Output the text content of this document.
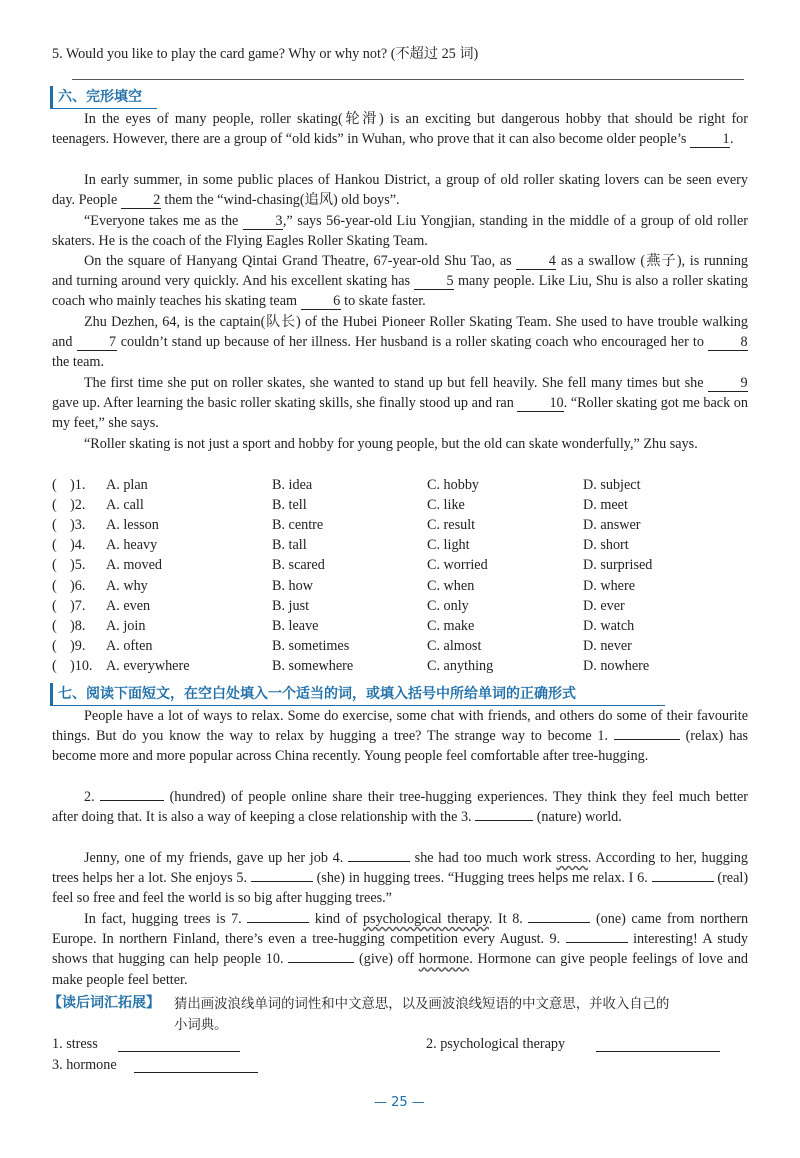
5. Would you like to play the card game? Why or why not? (不超过 25 词)
六、完形填空
In the eyes of many people, roller skating(轮滑) is an exciting but dangerous hobby that should be right for teenagers. However, there are a group of “old kids” in Wuhan, who prove that it can also become older people’s	1.
In early summer, in some public places of Hankou District, a group of old roller skating lovers can be seen every day. People	2 them the “wind-chasing(追风) old boys”.
“Everyone takes me as the	3,” says 56-year-old Liu Yongjian, standing in the middle of a group of old roller skaters. He is the coach of the Flying Eagles Roller Skating Team.
On the square of Hanyang Qintai Grand Theatre, 67-year-old Shu Tao, as	4 as a swallow (燕子), is running and turning around very quickly. And his excellent skating has	5 many people. Like Liu, Shu is also a roller skating coach who mainly teaches his skating team	6 to skate faster.
Zhu Dezhen, 64, is the captain(队长) of the Hubei Pioneer Roller Skating Team. She used to have trouble walking and	7 couldn’t stand up because of her illness. Her husband is a roller skating coach who encouraged her to	8 the team.
The first time she put on roller skates, she wanted to stand up but fell heavily. She fell many times but she	9 gave up. After learning the basic roller skating skills, she finally stood up and ran	10. “Roller skating got me back on my feet,” she says.
“Roller skating is not just a sport and hobby for young people, but the old can skate wonderfully,” Zhu says.
( )1. A. plan	B. idea	C. hobby	D. subject
( )2. A. call	B. tell	C. like	D. meet
( )3. A. lesson	B. centre	C. result	D. answer
( )4. A. heavy	B. tall	C. light	D. short
( )5. A. moved	B. scared	C. worried	D. surprised
( )6. A. why	B. how	C. when	D. where
( )7. A. even	B. just	C. only	D. ever
( )8. A. join	B. leave	C. make	D. watch
( )9. A. often	B. sometimes	C. almost	D. never
( )10. A. everywhere	B. somewhere	C. anything	D. nowhere
七、阅读下面短文，在空白处填入一个适当的词，或填入括号中所给单词的正确形式
People have a lot of ways to relax. Some do exercise, some chat with friends, and others do some of their favourite things. But do you know the way to relax by hugging a tree? The strange way to become 1.	(relax) has become more and more popular across China recently. Young people feel comfortable after tree-hugging.
2.	(hundred) of people online share their tree-hugging experiences. They think they feel much better after doing that. It is also a way of keeping a close relationship with the 3.	(nature) world.
Jenny, one of my friends, gave up her job 4.	she had too much work stress. According to her, hugging trees helps her a lot. She enjoys 5.	(she) in hugging trees. “Hugging trees helps me relax. I 6.	(real) feel so free and feel the world is so big after hugging trees.”
In fact, hugging trees is 7.	kind of psychological therapy. It 8.	(one) came from northern Europe. In northern Finland, there’s even a tree-hugging competition every August. 9.	interesting! A study shows that hugging can help people 10.	(give) off hormone. Hormone can give people feelings of love and make people feel better.
【读后词汇拓展】 猜出画波浪线单词的词性和中文意思，以及画波浪线短语的中文意思，并收入自己的
小词典。
1. stress	2. psychological therapy
3. hormone
— 25 —
